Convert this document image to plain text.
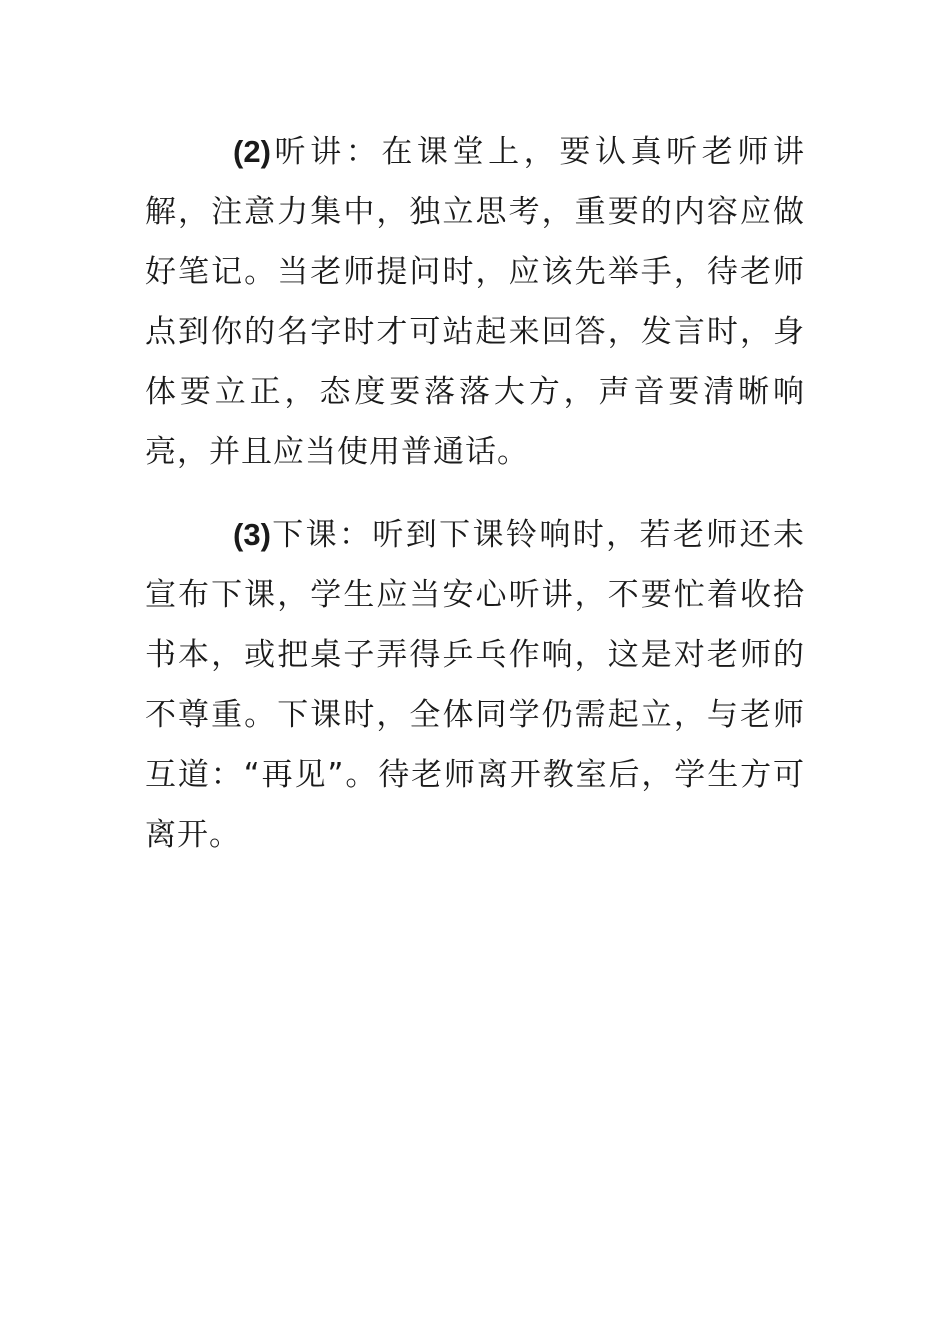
(2)听讲：在课堂上，要认真听老师讲解，注意力集中，独立思考，重要的内容应做好笔记。当老师提问时，应该先举手，待老师点到你的名字时才可站起来回答，发言时，身体要立正，态度要落落大方，声音要清晰响亮，并且应当使用普通话。

(3)下课：听到下课铃响时，若老师还未宣布下课，学生应当安心听讲，不要忙着收拾书本，或把桌子弄得乒乓作响，这是对老师的不尊重。下课时，全体同学仍需起立，与老师互道：“再见”。待老师离开教室后，学生方可离开。
